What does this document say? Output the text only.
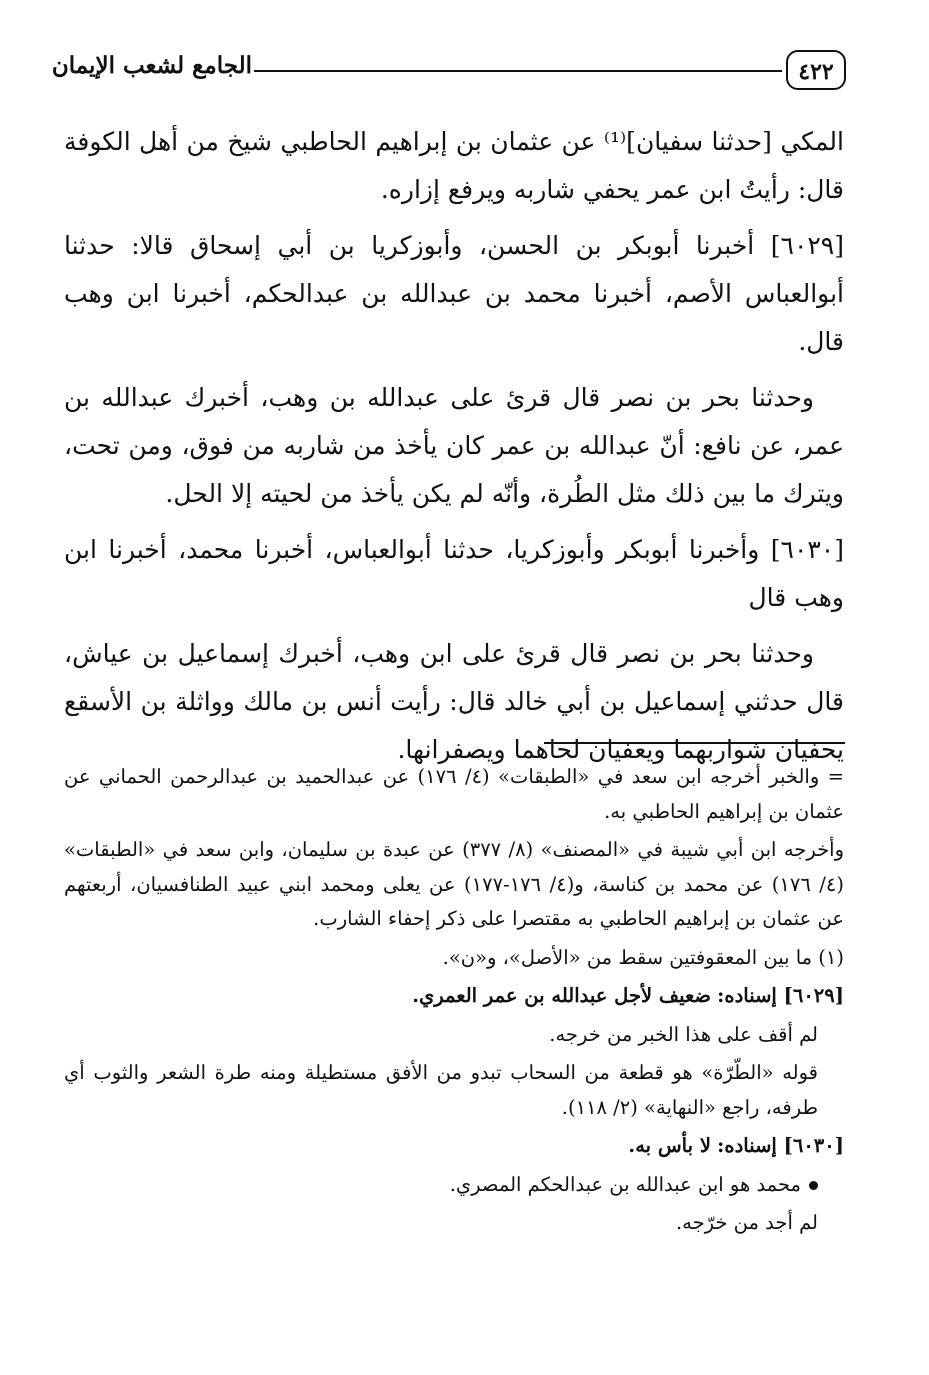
٤٢٢
الجامع لشعب الإيمان

المكي [حدثنا سفيان]⁽¹⁾ عن عثمان بن إبراهيم الحاطبي شيخ من أهل الكوفة قال: رأيتُ ابن عمر يحفي شاربه ويرفع إزاره.

[٦٠٢٩] أخبرنا أبوبكر بن الحسن، وأبوزكريا بن أبي إسحاق قالا: حدثنا أبوالعباس الأصم، أخبرنا محمد بن عبدالله بن عبدالحكم، أخبرنا ابن وهب قال.

وحدثنا بحر بن نصر قال قرئ على عبدالله بن وهب، أخبرك عبدالله بن عمر، عن نافع: أنّ عبدالله بن عمر كان يأخذ من شاربه من فوق، ومن تحت، ويترك ما بين ذلك مثل الطُرة، وأنّه لم يكن يأخذ من لحيته إلا الحل.

[٦٠٣٠] وأخبرنا أبوبكر وأبوزكريا، حدثنا أبوالعباس، أخبرنا محمد، أخبرنا ابن وهب قال

وحدثنا بحر بن نصر قال قرئ على ابن وهب، أخبرك إسماعيل بن عياش، قال حدثني إسماعيل بن أبي خالد قال: رأيت أنس بن مالك وواثلة بن الأسقع يحفيان شواربهما ويعفيان لحاهما ويصفرانها.

= والخبر أخرجه ابن سعد في «الطبقات» (٤/ ١٧٦) عن عبدالحميد بن عبدالرحمن الحماني عن عثمان بن إبراهيم الحاطبي به.

وأخرجه ابن أبي شيبة في «المصنف» (٨/ ٣٧٧) عن عبدة بن سليمان، وابن سعد في «الطبقات» (٤/ ١٧٦) عن محمد بن كناسة، و(٤/ ١٧٦-١٧٧) عن يعلى ومحمد ابني عبيد الطنافسيان، أربعتهم عن عثمان بن إبراهيم الحاطبي به مقتصرا على ذكر إحفاء الشارب.

(١) ما بين المعقوفتين سقط من «الأصل»، و«ن».

[٦٠٢٩] إسناده: ضعيف لأجل عبدالله بن عمر العمري.

لم أقف على هذا الخبر من خرجه.

قوله «الطّرّة» هو قطعة من السحاب تبدو من الأفق مستطيلة ومنه طرة الشعر والثوب أي طرفه، راجع «النهاية» (٢/ ١١٨).

[٦٠٣٠] إسناده: لا بأس به.

محمد هو ابن عبدالله بن عبدالحكم المصري.

لم أجد من خرّجه.
